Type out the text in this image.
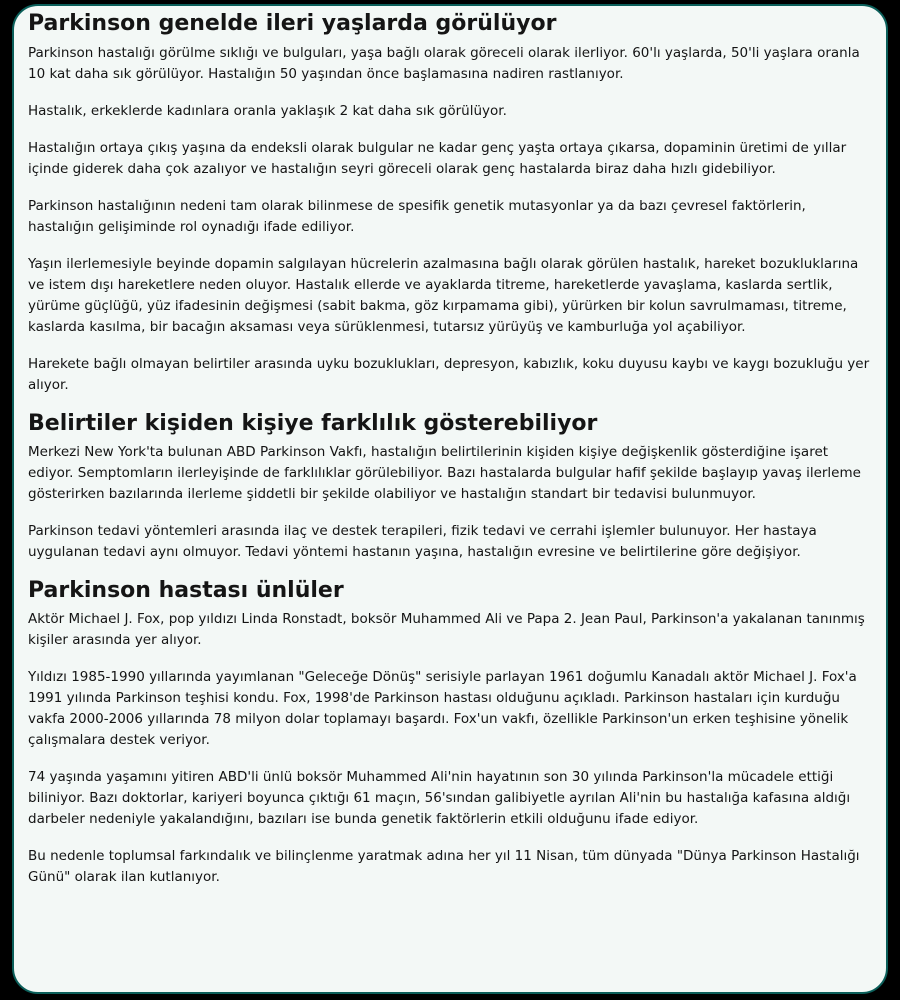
Parkinson genelde ileri yaşlarda görülüyor

Parkinson hastalığı görülme sıklığı ve bulguları, yaşa bağlı olarak göreceli olarak ilerliyor. 60'lı yaşlarda, 50'li yaşlara oranla 10 kat daha sık görülüyor. Hastalığın 50 yaşından önce başlamasına nadiren rastlanıyor.

Hastalık, erkeklerde kadınlara oranla yaklaşık 2 kat daha sık görülüyor.

Hastalığın ortaya çıkış yaşına da endeksli olarak bulgular ne kadar genç yaşta ortaya çıkarsa, dopaminin üretimi de yıllar içinde giderek daha çok azalıyor ve hastalığın seyri göreceli olarak genç hastalarda biraz daha hızlı gidebiliyor.

Parkinson hastalığının nedeni tam olarak bilinmese de spesifik genetik mutasyonlar ya da bazı çevresel faktörlerin, hastalığın gelişiminde rol oynadığı ifade ediliyor.

Yaşın ilerlemesiyle beyinde dopamin salgılayan hücrelerin azalmasına bağlı olarak görülen hastalık, hareket bozukluklarına ve istem dışı hareketlere neden oluyor. Hastalık ellerde ve ayaklarda titreme, hareketlerde yavaşlama, kaslarda sertlik, yürüme güçlüğü, yüz ifadesinin değişmesi (sabit bakma, göz kırpamama gibi), yürürken bir kolun savrulmaması, titreme, kaslarda kasılma, bir bacağın aksaması veya sürüklenmesi, tutarsız yürüyüş ve kamburluğa yol açabiliyor.

Harekete bağlı olmayan belirtiler arasında uyku bozuklukları, depresyon, kabızlık, koku duyusu kaybı ve kaygı bozukluğu yer alıyor.

Belirtiler kişiden kişiye farklılık gösterebiliyor

Merkezi New York'ta bulunan ABD Parkinson Vakfı, hastalığın belirtilerinin kişiden kişiye değişkenlik gösterdiğine işaret ediyor. Semptomların ilerleyişinde de farklılıklar görülebiliyor. Bazı hastalarda bulgular hafif şekilde başlayıp yavaş ilerleme gösterirken bazılarında ilerleme şiddetli bir şekilde olabiliyor ve hastalığın standart bir tedavisi bulunmuyor.

Parkinson tedavi yöntemleri arasında ilaç ve destek terapileri, fizik tedavi ve cerrahi işlemler bulunuyor. Her hastaya uygulanan tedavi aynı olmuyor. Tedavi yöntemi hastanın yaşına, hastalığın evresine ve belirtilerine göre değişiyor.

Parkinson hastası ünlüler

Aktör Michael J. Fox, pop yıldızı Linda Ronstadt, boksör Muhammed Ali ve Papa 2. Jean Paul, Parkinson'a yakalanan tanınmış kişiler arasında yer alıyor.

Yıldızı 1985-1990 yıllarında yayımlanan "Geleceğe Dönüş" serisiyle parlayan 1961 doğumlu Kanadalı aktör Michael J. Fox'a 1991 yılında Parkinson teşhisi kondu. Fox, 1998'de Parkinson hastası olduğunu açıkladı. Parkinson hastaları için kurduğu vakfa 2000-2006 yıllarında 78 milyon dolar toplamayı başardı. Fox'un vakfı, özellikle Parkinson'un erken teşhisine yönelik çalışmalara destek veriyor.

74 yaşında yaşamını yitiren ABD'li ünlü boksör Muhammed Ali'nin hayatının son 30 yılında Parkinson'la mücadele ettiği biliniyor. Bazı doktorlar, kariyeri boyunca çıktığı 61 maçın, 56'sından galibiyetle ayrılan Ali'nin bu hastalığa kafasına aldığı darbeler nedeniyle yakalandığını, bazıları ise bunda genetik faktörlerin etkili olduğunu ifade ediyor.

Bu nedenle toplumsal farkındalık ve bilinçlenme yaratmak adına her yıl 11 Nisan, tüm dünyada "Dünya Parkinson Hastalığı Günü" olarak ilan kutlanıyor.
